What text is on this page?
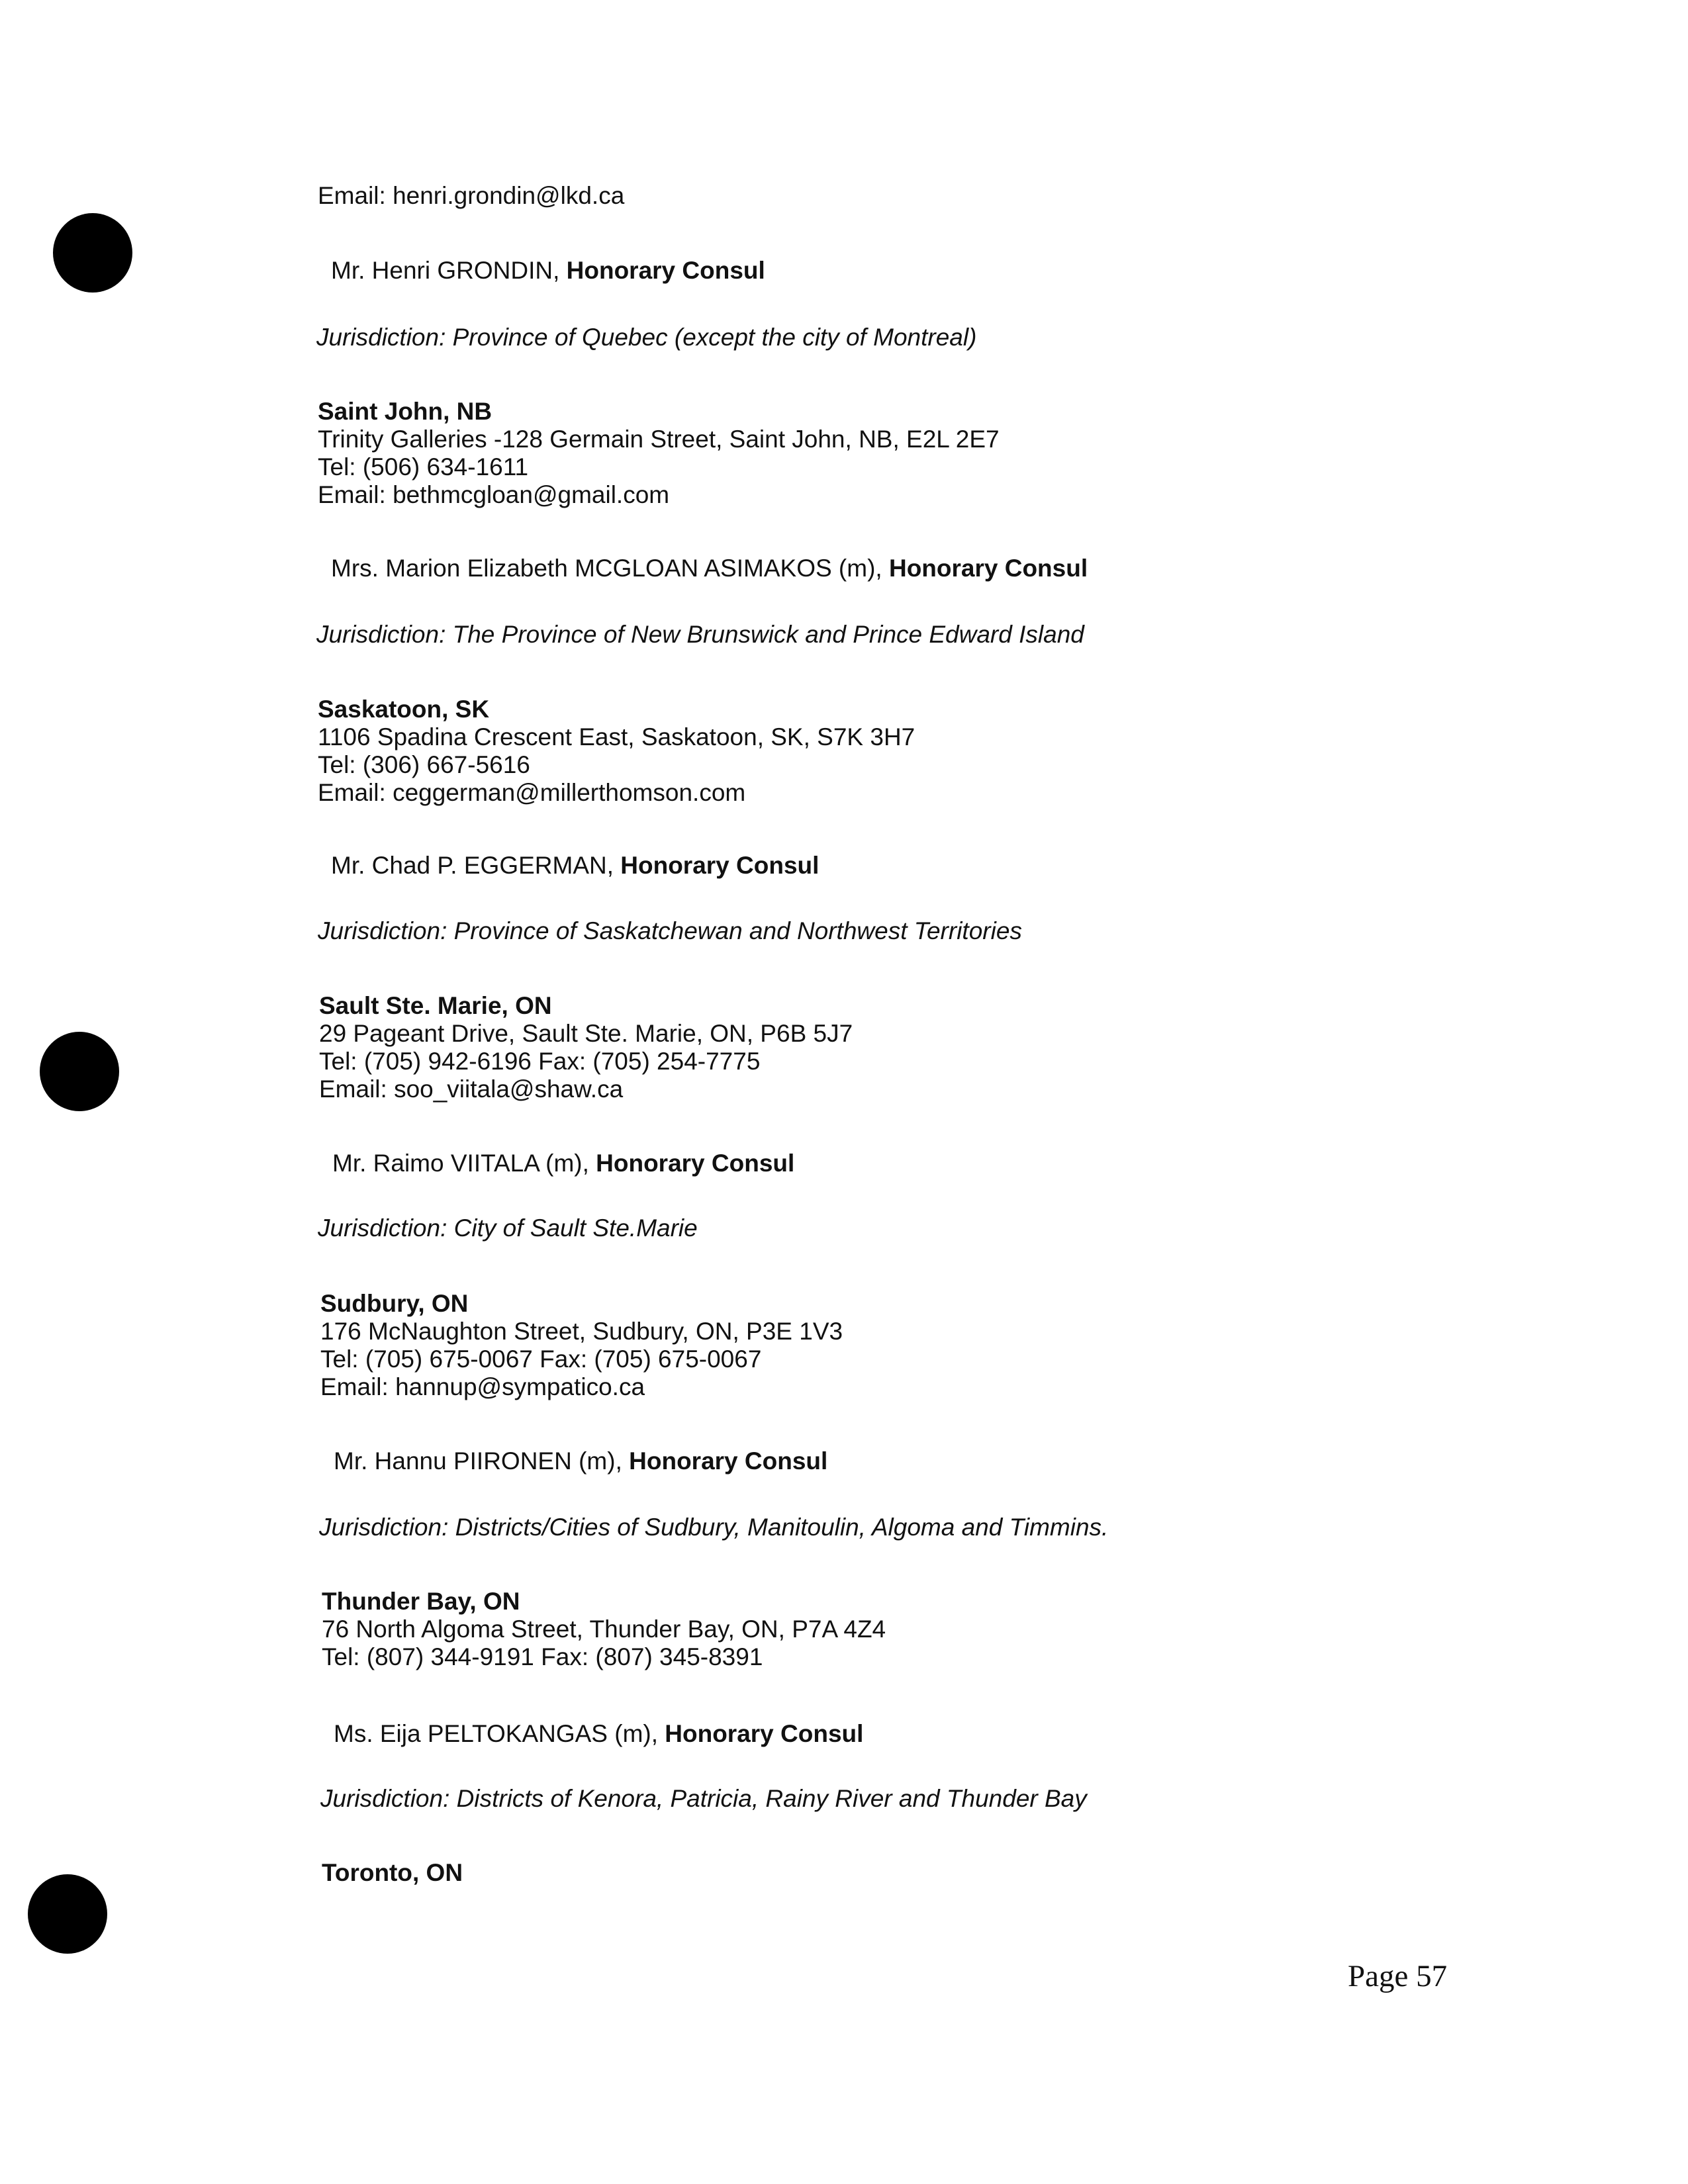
Email: henri.grondin@lkd.ca
Mr. Henri GRONDIN, Honorary Consul
Jurisdiction: Province of Quebec (except the city of Montreal)
Saint John, NB
Trinity Galleries -128 Germain Street, Saint John, NB, E2L 2E7
Tel: (506) 634-1611
Email: bethmcgloan@gmail.com
Mrs. Marion Elizabeth MCGLOAN ASIMAKOS (m), Honorary Consul
Jurisdiction: The Province of New Brunswick and Prince Edward Island
Saskatoon, SK
1106 Spadina Crescent East, Saskatoon, SK, S7K 3H7
Tel: (306) 667-5616
Email: ceggerman@millerthomson.com
Mr. Chad P. EGGERMAN, Honorary Consul
Jurisdiction: Province of Saskatchewan and Northwest Territories
Sault Ste. Marie, ON
29 Pageant Drive, Sault Ste. Marie, ON, P6B 5J7
Tel: (705) 942-6196 Fax: (705) 254-7775
Email: soo_viitala@shaw.ca
Mr. Raimo VIITALA (m), Honorary Consul
Jurisdiction: City of Sault Ste.Marie
Sudbury, ON
176 McNaughton Street, Sudbury, ON, P3E 1V3
Tel: (705) 675-0067 Fax: (705) 675-0067
Email: hannup@sympatico.ca
Mr. Hannu PIIRONEN (m), Honorary Consul
Jurisdiction: Districts/Cities of Sudbury, Manitoulin, Algoma and Timmins.
Thunder Bay, ON
76 North Algoma Street, Thunder Bay, ON, P7A 4Z4
Tel: (807) 344-9191 Fax: (807) 345-8391
Ms. Eija PELTOKANGAS (m), Honorary Consul
Jurisdiction: Districts of Kenora, Patricia, Rainy River and Thunder Bay
Toronto, ON
Page 57
